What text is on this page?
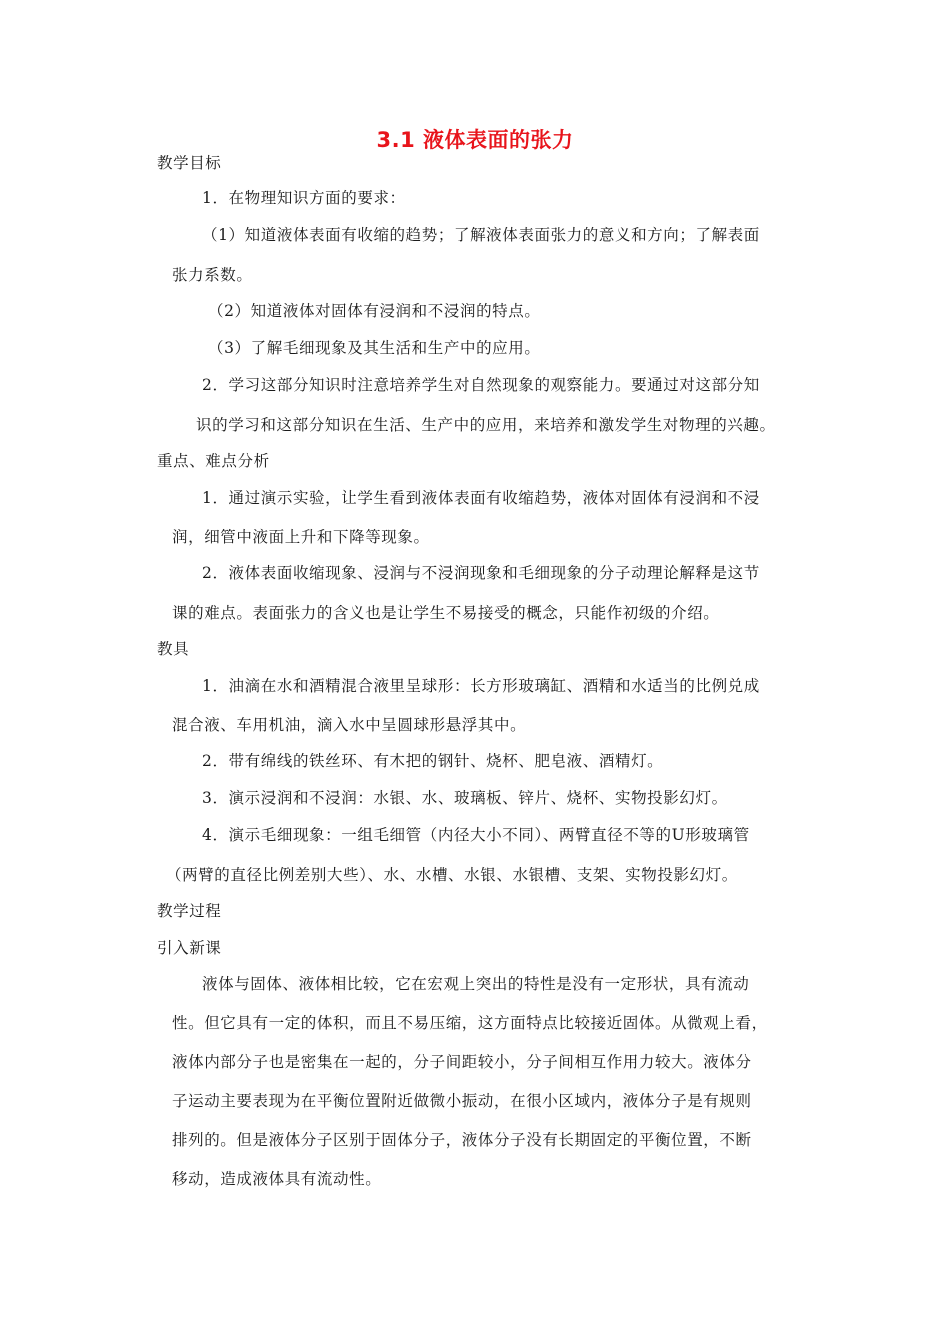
3.1 液体表面的张力
教学目标
1．在物理知识方面的要求：
（1）知道液体表面有收缩的趋势；了解液体表面张力的意义和方向；了解表面
张力系数。
（2）知道液体对固体有浸润和不浸润的特点。
（3）了解毛细现象及其生活和生产中的应用。
2．学习这部分知识时注意培养学生对自然现象的观察能力。要通过对这部分知
识的学习和这部分知识在生活、生产中的应用，来培养和激发学生对物理的兴趣。
重点、难点分析
1．通过演示实验，让学生看到液体表面有收缩趋势，液体对固体有浸润和不浸
润，细管中液面上升和下降等现象。
2．液体表面收缩现象、浸润与不浸润现象和毛细现象的分子动理论解释是这节
课的难点。表面张力的含义也是让学生不易接受的概念，只能作初级的介绍。
教具
1．油滴在水和酒精混合液里呈球形：长方形玻璃缸、酒精和水适当的比例兑成
混合液、车用机油，滴入水中呈圆球形悬浮其中。
2．带有绵线的铁丝环、有木把的钢针、烧杯、肥皂液、酒精灯。
3．演示浸润和不浸润：水银、水、玻璃板、锌片、烧杯、实物投影幻灯。
4．演示毛细现象：一组毛细管（内径大小不同）、两臂直径不等的U形玻璃管
（两臂的直径比例差别大些）、水、水槽、水银、水银槽、支架、实物投影幻灯。
教学过程
引入新课
液体与固体、液体相比较，它在宏观上突出的特性是没有一定形状，具有流动
性。但它具有一定的体积，而且不易压缩，这方面特点比较接近固体。从微观上看，
液体内部分子也是密集在一起的，分子间距较小，分子间相互作用力较大。液体分
子运动主要表现为在平衡位置附近做微小振动，在很小区域内，液体分子是有规则
排列的。但是液体分子区别于固体分子，液体分子没有长期固定的平衡位置，不断
移动，造成液体具有流动性。
